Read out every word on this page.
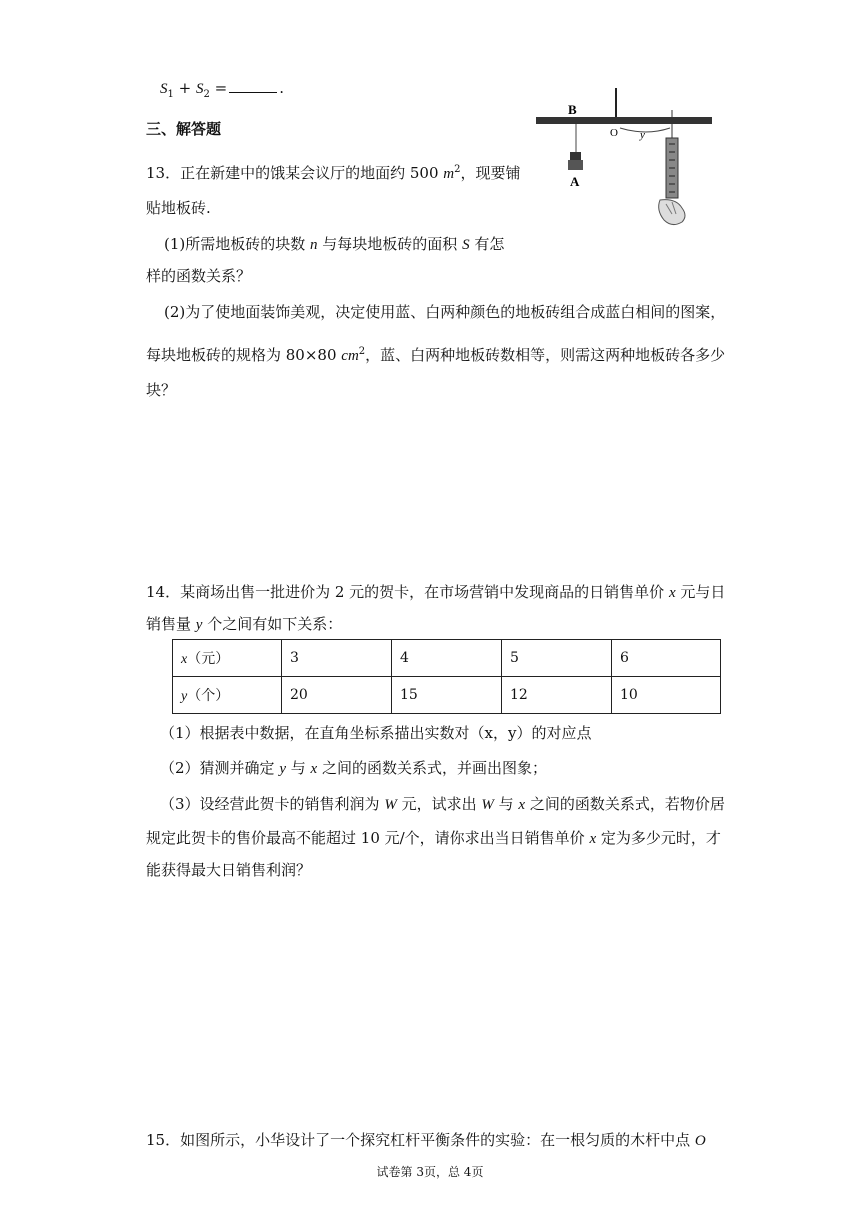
$S_1 + S_2$ =	.
三、解答题
13．正在新建中的饿某会议厅的地面约 500 $m^2$，现要铺
贴地板砖.
(1)所需地板砖的块数 n 与每块地板砖的面积 S 有怎
样的函数关系？
(2)为了使地面装饰美观，决定使用蓝、白两种颜色的地板砖组合成蓝白相间的图案，
每块地板砖的规格为 80×80 $cm^2$，蓝、白两种地板砖数相等，则需这两种地板砖各多少
块？
B
A
O y
14．某商场出售一批进价为 2 元的贺卡，在市场营销中发现商品的日销售单价 x 元与日
销售量 y 个之间有如下关系：
x（元）	3	4	5	6
y（个）	20	15	12	10
（1）根据表中数据，在直角坐标系描出实数对（x，y）的对应点
（2）猜测并确定 y 与 x 之间的函数关系式，并画出图象；
（3）设经营此贺卡的销售利润为 W 元，试求出 W 与 x 之间的函数关系式，若物价居
规定此贺卡的售价最高不能超过 10 元/个，请你求出当日销售单价 x 定为多少元时，才
能获得最大日销售利润？
15．如图所示，小华设计了一个探究杠杆平衡条件的实验：在一根匀质的木杆中点 O
试卷第 3页，总 4页
